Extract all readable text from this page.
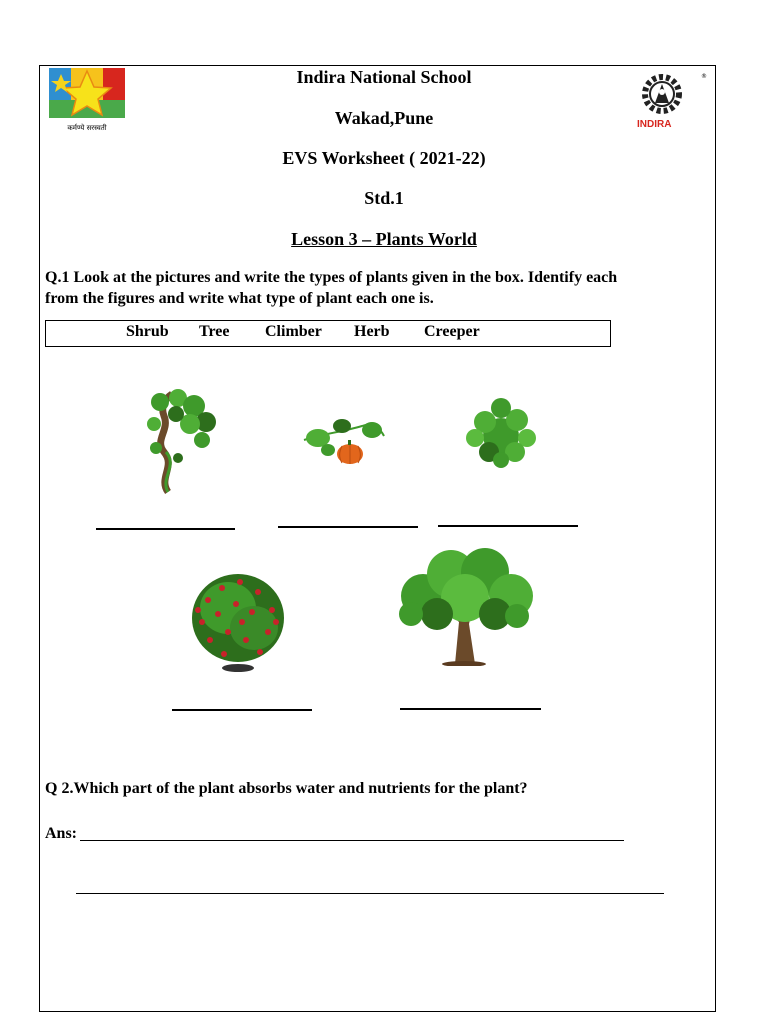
कर्मण्ये सरस्वती
®
INDIRA
Indira National School
Wakad,Pune
EVS Worksheet ( 2021-22)
Std.1
Lesson 3 – Plants World
Q.1 Look at the pictures and write the types of plants given in the box. Identify each
from the figures and write what type of plant each one is.
Shrub Tree Climber Herb Creeper
Q 2.Which part of the plant absorbs water and nutrients for the plant?
Ans:
